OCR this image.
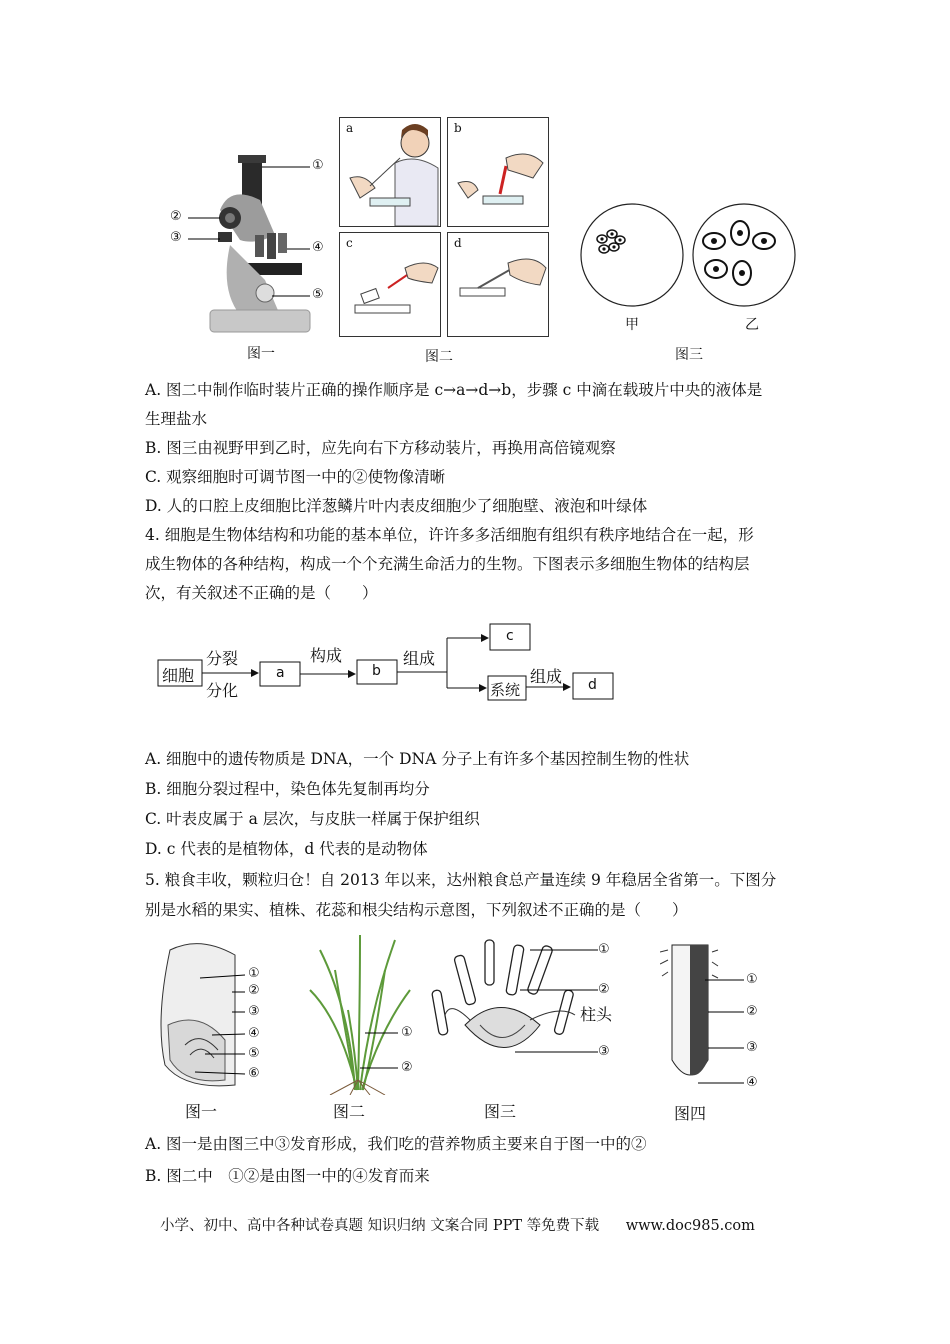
①
②
③
④
⑤
图一
a	b
c	d
图二
甲	乙
图三
A. 图二中制作临时装片正确的操作顺序是 c→a→d→b，步骤 c 中滴在载玻片中央的液体是
生理盐水
B. 图三由视野甲到乙时，应先向右下方移动装片，再换用高倍镜观察
C. 观察细胞时可调节图一中的②使物像清晰
D. 人的口腔上皮细胞比洋葱鳞片叶内表皮细胞少了细胞壁、液泡和叶绿体
4. 细胞是生物体结构和功能的基本单位，许许多多活细胞有组织有秩序地结合在一起，形
成生物体的各种结构，构成一个个充满生命活力的生物。下图表示多细胞生物体的结构层
次，有关叙述不正确的是（　　）
细胞
分裂
分化
a
构成
b
组成
c
系统
组成 d
A. 细胞中的遗传物质是 DNA，一个 DNA 分子上有许多个基因控制生物的性状
B. 细胞分裂过程中，染色体先复制再均分
C. 叶表皮属于 a 层次，与皮肤一样属于保护组织
D. c 代表的是植物体，d 代表的是动物体
5. 粮食丰收，颗粒归仓！自 2013 年以来，达州粮食总产量连续 9 年稳居全省第一。下图分
别是水稻的果实、植株、花蕊和根尖结构示意图，下列叙述不正确的是（　　）
①
②
③
④
⑤
⑥
图一
①
②
图二
①
②
柱头
③
图三
①
②
③
④
图四
A. 图一是由图三中③发育形成，我们吃的营养物质主要来自于图一中的②
B. 图二中　①②是由图一中的④发育而来
小学、初中、高中各种试卷真题 知识归纳 文案合同 PPT 等免费下载 www.doc985.com
